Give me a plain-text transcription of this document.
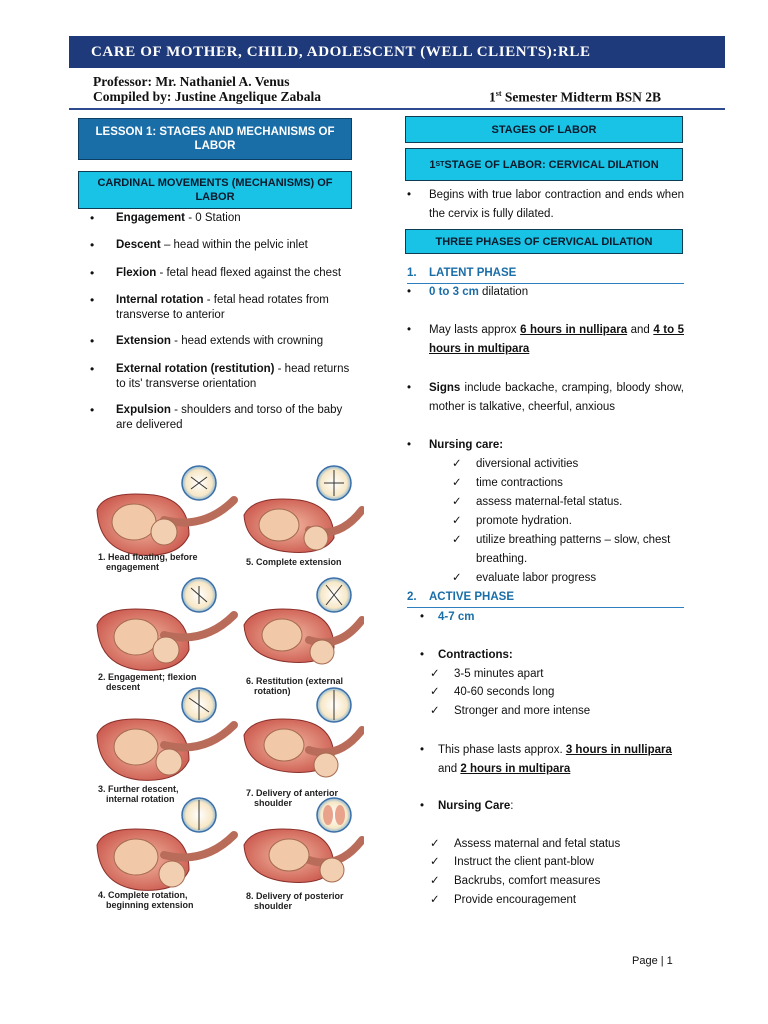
CARE OF MOTHER, CHILD, ADOLESCENT (WELL CLIENTS):RLE
Professor: Mr. Nathaniel A. Venus
Compiled by: Justine Angelique Zabala	1st Semester Midterm BSN 2B
LESSON 1: STAGES AND MECHANISMS OF LABOR
CARDINAL MOVEMENTS (MECHANISMS) OF LABOR
•	Engagement - 0 Station
•	Descent – head within the pelvic inlet
•	Flexion - fetal head flexed against the chest
•	Internal rotation - fetal head rotates from transverse to anterior
•	Extension - head extends with crowning
•	External rotation (restitution) - head returns to its' transverse orientation
•	Expulsion - shoulders and torso of the baby are delivered
1. Head floating, before
engagement
2. Engagement; flexion
descent
3. Further descent,
internal rotation
4. Complete rotation,
beginning extension
5. Complete extension
6. Restitution (external
rotation)
7. Delivery of anterior
shoulder
8. Delivery of posterior
shoulder
STAGES OF LABOR
1 ST STAGE OF LABOR: CERVICAL DILATION
•	Begins with true labor contraction and ends when the cervix is fully dilated.
THREE PHASES OF CERVICAL DILATION
1. LATENT PHASE
•	0 to 3 cm dilatation
•	May lasts approx 6 hours in nullipara and 4 to 5 hours in multipara
•	Signs include backache, cramping, bloody show, mother is talkative, cheerful, anxious
•	Nursing care:
✓	diversional activities
✓	time contractions
✓	assess maternal-fetal status.
✓	promote hydration.
✓	utilize breathing patterns – slow, chest breathing.
✓	evaluate labor progress
2. ACTIVE PHASE
•	4-7 cm
•	Contractions:
✓	3-5 minutes apart
✓	40-60 seconds long
✓	Stronger and more intense
•	This phase lasts approx. 3 hours in nullipara and 2 hours in multipara
•	Nursing Care:
✓	Assess maternal and fetal status
✓	Instruct the client pant-blow
✓	Backrubs, comfort measures
✓	Provide encouragement
Page | 1
